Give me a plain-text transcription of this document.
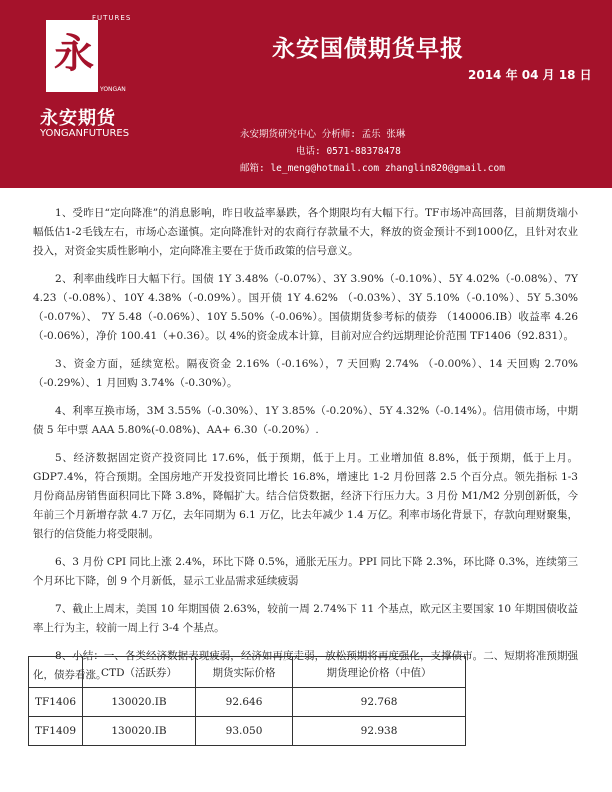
永
FUTURES
YONGAN
永安期货
YONGANFUTURES
永安国债期货早报
2014 年 04 月 18 日
永安期货研究中心 分析师: 孟乐 张琳
电话: 0571-88378478
邮箱: le_meng@hotmail.com zhanglin820@gmail.com

1、受昨日“定向降准”的消息影响，昨日收益率暴跌，各个期限均有大幅下行。TF市场冲高回落，目前期货端小幅低估1-2毛钱左右，市场心态谨慎。定向降准针对的农商行存款量不大，释放的资金预计不到1000亿，且针对农业投入，对资金实质性影响小，定向降准主要在于货币政策的信号意义。

2、利率曲线昨日大幅下行。国债 1Y 3.48%（-0.07%）、3Y 3.90%（-0.10%）、5Y 4.02%（-0.08%）、7Y 4.23（-0.08%）、10Y 4.38%（-0.09%）。国开债 1Y 4.62% （-0.03%）、3Y 5.10%（-0.10%）、5Y 5.30%（-0.07%）、 7Y 5.48（-0.06%）、10Y 5.50%（-0.06%）。国债期货参考标的债券 （140006.IB）收益率 4.26（-0.06%），净价 100.41（+0.36）。以 4%的资金成本计算，目前对应合约远期理论价范围 TF1406（92.831）。

3、资金方面，延续宽松。隔夜资金 2.16%（-0.16%），7 天回购 2.74% （-0.00%）、14 天回购 2.70%（-0.29%）、1 月回购 3.74%（-0.30%）。

4、利率互换市场，3M 3.55%（-0.30%）、1Y 3.85%（-0.20%）、5Y 4.32%（-0.14%）。信用债市场，中期债 5 年中票 AAA 5.80%(-0.08%)、AA+ 6.30（-0.20%）.

5、经济数据固定资产投资同比 17.6%，低于预期，低于上月。工业增加值 8.8%，低于预期，低于上月。GDP7.4%，符合预期。全国房地产开发投资同比增长 16.8%，增速比 1-2 月份回落 2.5 个百分点。领先指标 1-3 月份商品房销售面积同比下降 3.8%，降幅扩大。结合信贷数据，经济下行压力大。3 月份 M1/M2 分别创新低，今年前三个月新增存款 4.7 万亿，去年同期为 6.1 万亿，比去年减少 1.4 万亿。利率市场化背景下，存款向理财聚集，银行的信贷能力将受限制。

6、3 月份 CPI 同比上涨 2.4%，环比下降 0.5%，通胀无压力。PPI 同比下降 2.3%，环比降 0.3%，连续第三个月环比下降，创 9 个月新低，显示工业品需求延续疲弱

7、截止上周末，美国 10 年期国债 2.63%，较前一周 2.74%下 11 个基点，欧元区主要国家 10 年期国债收益率上行为主，较前一周上行 3-4 个基点。

8、小结：一、各类经济数据表现疲弱，经济如再度走弱，放松预期将再度强化，支撑债市。二、短期将准预期强化，债券看涨。

	CTD（活跃券）	期货实际价格	期货理论价格（中值）
TF1406	130020.IB	92.646	92.768
TF1409	130020.IB	93.050	92.938
